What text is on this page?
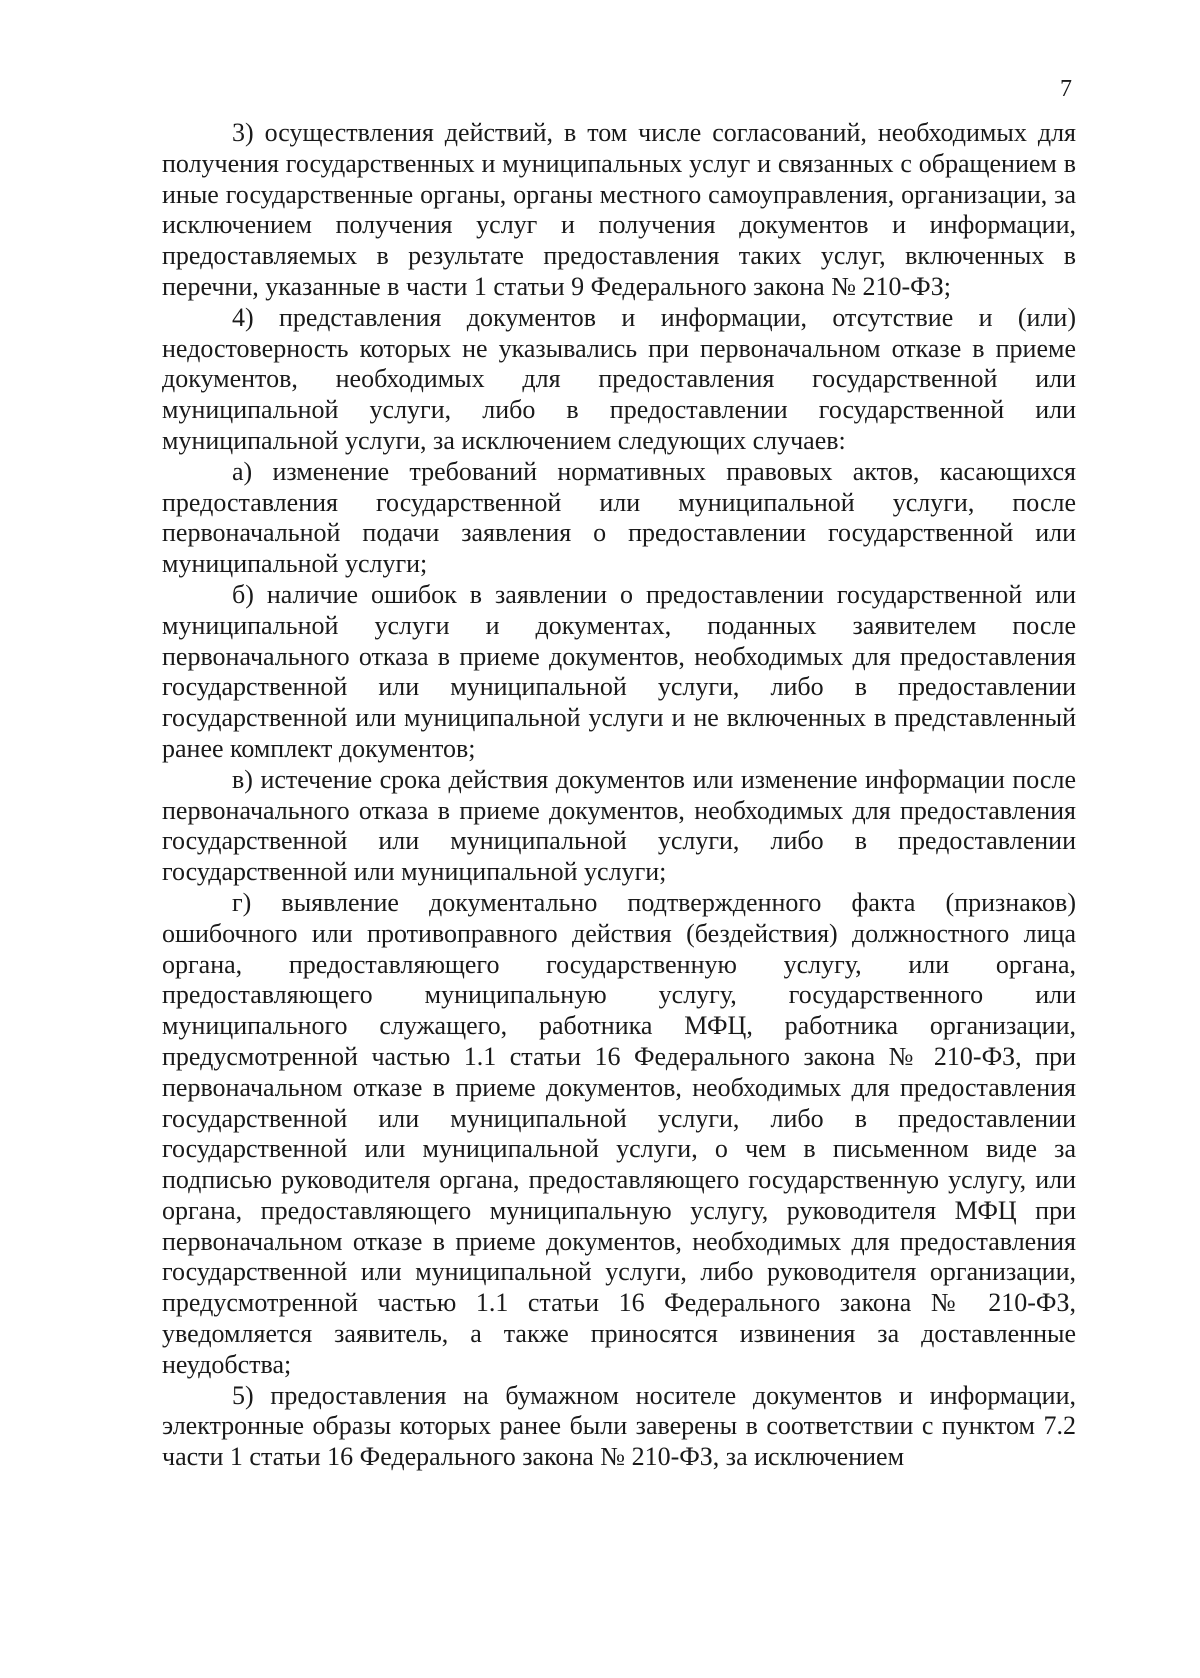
7

3) осуществления действий, в том числе согласований, необходимых для получения государственных и муниципальных услуг и связанных с обращением в иные государственные органы, органы местного самоуправления, организации, за исключением получения услуг и получения документов и информации, предоставляемых в результате предоставления таких услуг, включенных в перечни, указанные в части 1 статьи 9 Федерального закона № 210-ФЗ;

4) представления документов и информации, отсутствие и (или) недостоверность которых не указывались при первоначальном отказе в приеме документов, необходимых для предоставления государственной или муниципальной услуги, либо в предоставлении государственной или муниципальной услуги, за исключением следующих случаев:

а) изменение требований нормативных правовых актов, касающихся предоставления государственной или муниципальной услуги, после первоначальной подачи заявления о предоставлении государственной или муниципальной услуги;

б) наличие ошибок в заявлении о предоставлении государственной или муниципальной услуги и документах, поданных заявителем после первоначального отказа в приеме документов, необходимых для предоставления государственной или муниципальной услуги, либо в предоставлении государственной или муниципальной услуги и не включенных в представленный ранее комплект документов;

в) истечение срока действия документов или изменение информации после первоначального отказа в приеме документов, необходимых для предоставления государственной или муниципальной услуги, либо в предоставлении государственной или муниципальной услуги;

г) выявление документально подтвержденного факта (признаков) ошибочного или противоправного действия (бездействия) должностного лица органа, предоставляющего государственную услугу, или органа, предоставляющего муниципальную услугу, государственного или муниципального служащего, работника МФЦ, работника организации, предусмотренной частью 1.1 статьи 16 Федерального закона № 210-ФЗ, при первоначальном отказе в приеме документов, необходимых для предоставления государственной или муниципальной услуги, либо в предоставлении государственной или муниципальной услуги, о чем в письменном виде за подписью руководителя органа, предоставляющего государственную услугу, или органа, предоставляющего муниципальную услугу, руководителя МФЦ при первоначальном отказе в приеме документов, необходимых для предоставления государственной или муниципальной услуги, либо руководителя организации, предусмотренной частью 1.1 статьи 16 Федерального закона № 210-ФЗ, уведомляется заявитель, а также приносятся извинения за доставленные неудобства;

5) предоставления на бумажном носителе документов и информации, электронные образы которых ранее были заверены в соответствии с пунктом 7.2 части 1 статьи 16 Федерального закона № 210-ФЗ, за исключением
